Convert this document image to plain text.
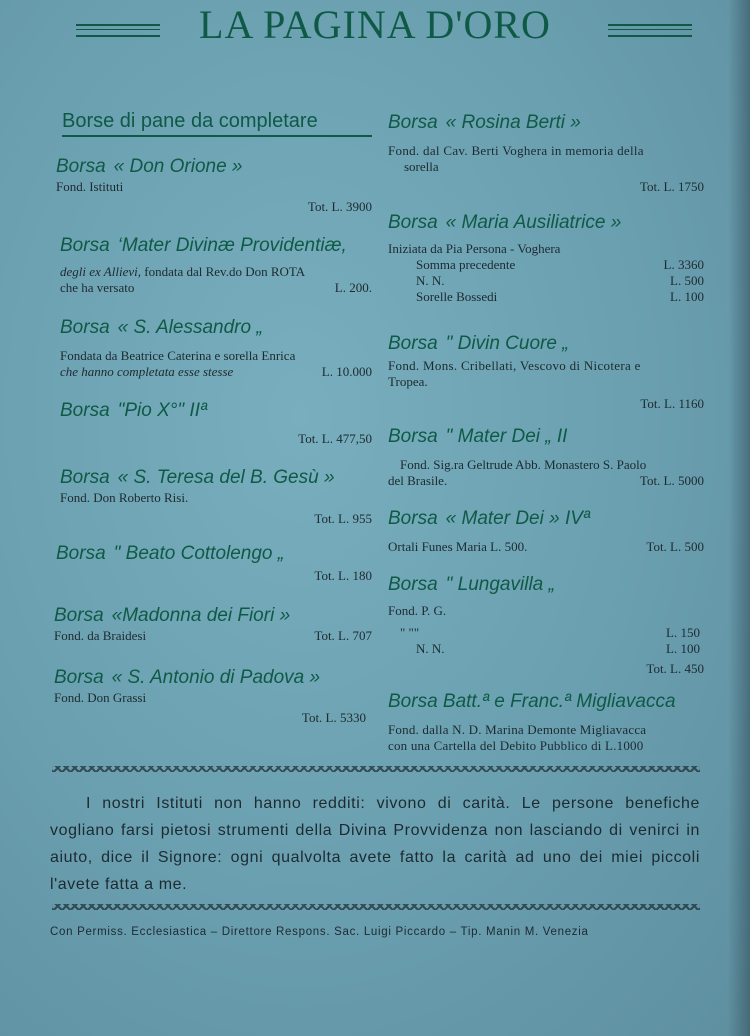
LA PAGINA D'ORO
Borse di pane da completare
Borsa « Don Orione »
Fond. Istituti
Tot. L. 3900
Borsa ‘Mater Divinæ Providentiæ,
degli ex Allievi, fondata dal Rev.do Don ROTA
che ha versato	L. 200.
Borsa « S. Alessandro „
Fondata da Beatrice Caterina e sorella Enrica
che hanno completata esse stesse	L. 10.000
Borsa "Pio X°" IIª
Tot. L. 477,50
Borsa « S. Teresa del B. Gesù »
Fond. Don Roberto Risi.
Tot. L. 955
Borsa " Beato Cottolengo „
Tot. L. 180
Borsa «Madonna dei Fiori »
Fond. da Braidesi	Tot. L. 707
Borsa « S. Antonio di Padova »
Fond. Don Grassi
Tot. L. 5330
Borsa « Rosina Berti »
Fond. dal Cav. Berti Voghera in memoria della
sorella
Tot. L. 1750
Borsa « Maria Ausiliatrice »
Iniziata da Pia Persona - Voghera
Somma precedente	L. 3360
N. N.	L. 500
Sorelle Bossedi	L. 100
Borsa " Divin Cuore „
Fond. Mons. Cribellati, Vescovo di Nicotera e
Tropea.
Tot. L. 1160
Borsa " Mater Dei „ II
Fond. Sig.ra Geltrude Abb. Monastero S. Paolo
del Brasile.	Tot. L. 5000
Borsa « Mater Dei » IVª
Ortali Funes Maria L. 500.	Tot. L. 500
Borsa " Lungavilla „
Fond. P. G.
" ""	L. 150
N. N.	L. 100
Tot. L. 450
Borsa Batt.ª e Franc.ª Migliavacca
Fond. dalla N. D. Marina Demonte Migliavacca
con una Cartella del Debito Pubblico di L.1000
I nostri Istituti non hanno redditi: vivono di carità. Le persone benefiche vogliano farsi pietosi strumenti della Divina Provvidenza non lasciando di venirci in aiuto, dice il Signore: ogni qualvolta avete fatto la carità ad uno dei miei piccoli l'avete fatta a me.
Con Permiss. Ecclesiastica – Direttore Respons. Sac. Luigi Piccardo – Tip. Manin M. Venezia
